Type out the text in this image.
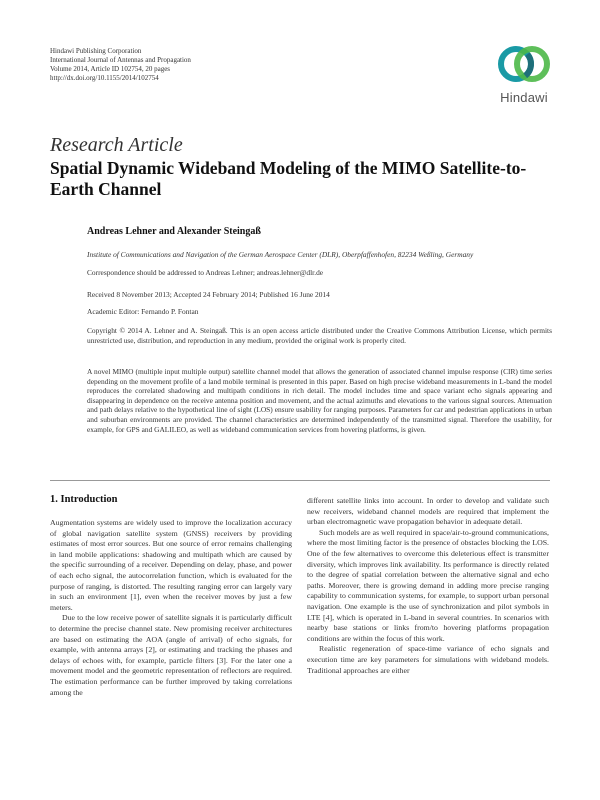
Hindawi Publishing Corporation
International Journal of Antennas and Propagation
Volume 2014, Article ID 102754, 20 pages
http://dx.doi.org/10.1155/2014/102754
Hindawi
Research Article
Spatial Dynamic Wideband Modeling of the MIMO Satellite-to-Earth Channel
Andreas Lehner and Alexander Steingaß
Institute of Communications and Navigation of the German Aerospace Center (DLR), Oberpfaffenhofen, 82234 Weßling, Germany
Correspondence should be addressed to Andreas Lehner; andreas.lehner@dlr.de
Received 8 November 2013; Accepted 24 February 2014; Published 16 June 2014
Academic Editor: Fernando P. Fontan
Copyright © 2014 A. Lehner and A. Steingaß. This is an open access article distributed under the Creative Commons Attribution License, which permits unrestricted use, distribution, and reproduction in any medium, provided the original work is properly cited.
A novel MIMO (multiple input multiple output) satellite channel model that allows the generation of associated channel impulse response (CIR) time series depending on the movement profile of a land mobile terminal is presented in this paper. Based on high precise wideband measurements in L-band the model reproduces the correlated shadowing and multipath conditions in rich detail. The model includes time and space variant echo signals appearing and disappearing in dependence on the receive antenna position and movement, and the actual azimuths and elevations to the various signal sources. Attenuation and path delays relative to the hypothetical line of sight (LOS) ensure usability for ranging purposes. Parameters for car and pedestrian applications in urban and suburban environments are provided. The channel characteristics are determined independently of the transmitted signal. Therefore the usability, for example, for GPS and GALILEO, as well as wideband communication services from hovering platforms, is given.
1. Introduction

Augmentation systems are widely used to improve the localization accuracy of global navigation satellite system (GNSS) receivers by providing estimates of most error sources. But one source of error remains challenging in land mobile applications: shadowing and multipath which are caused by the specific surrounding of a receiver. Depending on delay, phase, and power of each echo signal, the autocorrelation function, which is evaluated for the purpose of ranging, is distorted. The resulting ranging error can largely vary in such an environment [1], even when the receiver moves by just a few meters.

Due to the low receive power of satellite signals it is particularly difficult to determine the precise channel state. New promising receiver architectures are based on estimating the AOA (angle of arrival) of echo signals, for example, with antenna arrays [2], or estimating and tracking the phases and delays of echoes with, for example, particle filters [3]. For the later one a movement model and the geometric representation of reflectors are required. The estimation performance can be further improved by taking correlations among the

different satellite links into account. In order to develop and validate such new receivers, wideband channel models are required that implement the urban electromagnetic wave propagation behavior in adequate detail.

Such models are as well required in space/air-to-ground communications, where the most limiting factor is the presence of obstacles blocking the LOS. One of the few alternatives to overcome this deleterious effect is transmitter diversity, which improves link availability. Its performance is directly related to the degree of spatial correlation between the alternative signal and echo paths. Moreover, there is growing demand in adding more precise ranging capability to communication systems, for example, to support urban personal navigation. One example is the use of synchronization and pilot symbols in LTE [4], which is operated in L-band in several countries. In scenarios with nearby base stations or links from/to hovering platforms propagation conditions are within the focus of this work.

Realistic regeneration of space-time variance of echo signals and execution time are key parameters for simulations with wideband models. Traditional approaches are either
